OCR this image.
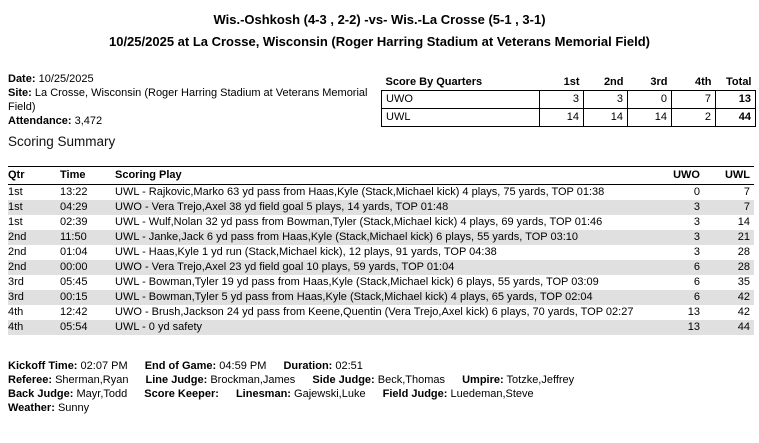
Wis.-Oshkosh (4-3 , 2-2) -vs- Wis.-La Crosse (5-1 , 3-1)
10/25/2025 at La Crosse, Wisconsin (Roger Harring Stadium at Veterans Memorial Field)
Date: 10/25/2025
Site: La Crosse, Wisconsin (Roger Harring Stadium at Veterans Memorial Field)
Attendance: 3,472
Score By Quarters	1st	2nd	3rd	4th	Total
UWO	3	3	0	7	13
UWL	14	14	14	2	44
Scoring Summary
Qtr	Time	Scoring Play	UWO	UWL
1st	13:22	UWL - Rajkovic,Marko 63 yd pass from Haas,Kyle (Stack,Michael kick) 4 plays, 75 yards, TOP 01:38	0	7
1st	04:29	UWO - Vera Trejo,Axel 38 yd field goal 5 plays, 14 yards, TOP 01:48	3	7
1st	02:39	UWL - Wulf,Nolan 32 yd pass from Bowman,Tyler (Stack,Michael kick) 4 plays, 69 yards, TOP 01:46	3	14
2nd	11:50	UWL - Janke,Jack 6 yd pass from Haas,Kyle (Stack,Michael kick) 6 plays, 55 yards, TOP 03:10	3	21
2nd	01:04	UWL - Haas,Kyle 1 yd run (Stack,Michael kick), 12 plays, 91 yards, TOP 04:38	3	28
2nd	00:00	UWO - Vera Trejo,Axel 23 yd field goal 10 plays, 59 yards, TOP 01:04	6	28
3rd	05:45	UWL - Bowman,Tyler 19 yd pass from Haas,Kyle (Stack,Michael kick) 6 plays, 55 yards, TOP 03:09	6	35
3rd	00:15	UWL - Bowman,Tyler 5 yd pass from Haas,Kyle (Stack,Michael kick) 4 plays, 65 yards, TOP 02:04	6	42
4th	12:42	UWO - Brush,Jackson 24 yd pass from Keene,Quentin (Vera Trejo,Axel kick) 6 plays, 70 yards, TOP 02:27	13	42
4th	05:54	UWL - 0 yd safety	13	44
Kickoff Time: 02:07 PM End of Game: 04:59 PM Duration: 02:51
Referee: Sherman,Ryan Line Judge: Brockman,James Side Judge: Beck,Thomas Umpire: Totzke,Jeffrey
Back Judge: Mayr,Todd Score Keeper: Linesman: Gajewski,Luke Field Judge: Luedeman,Steve
Weather: Sunny
